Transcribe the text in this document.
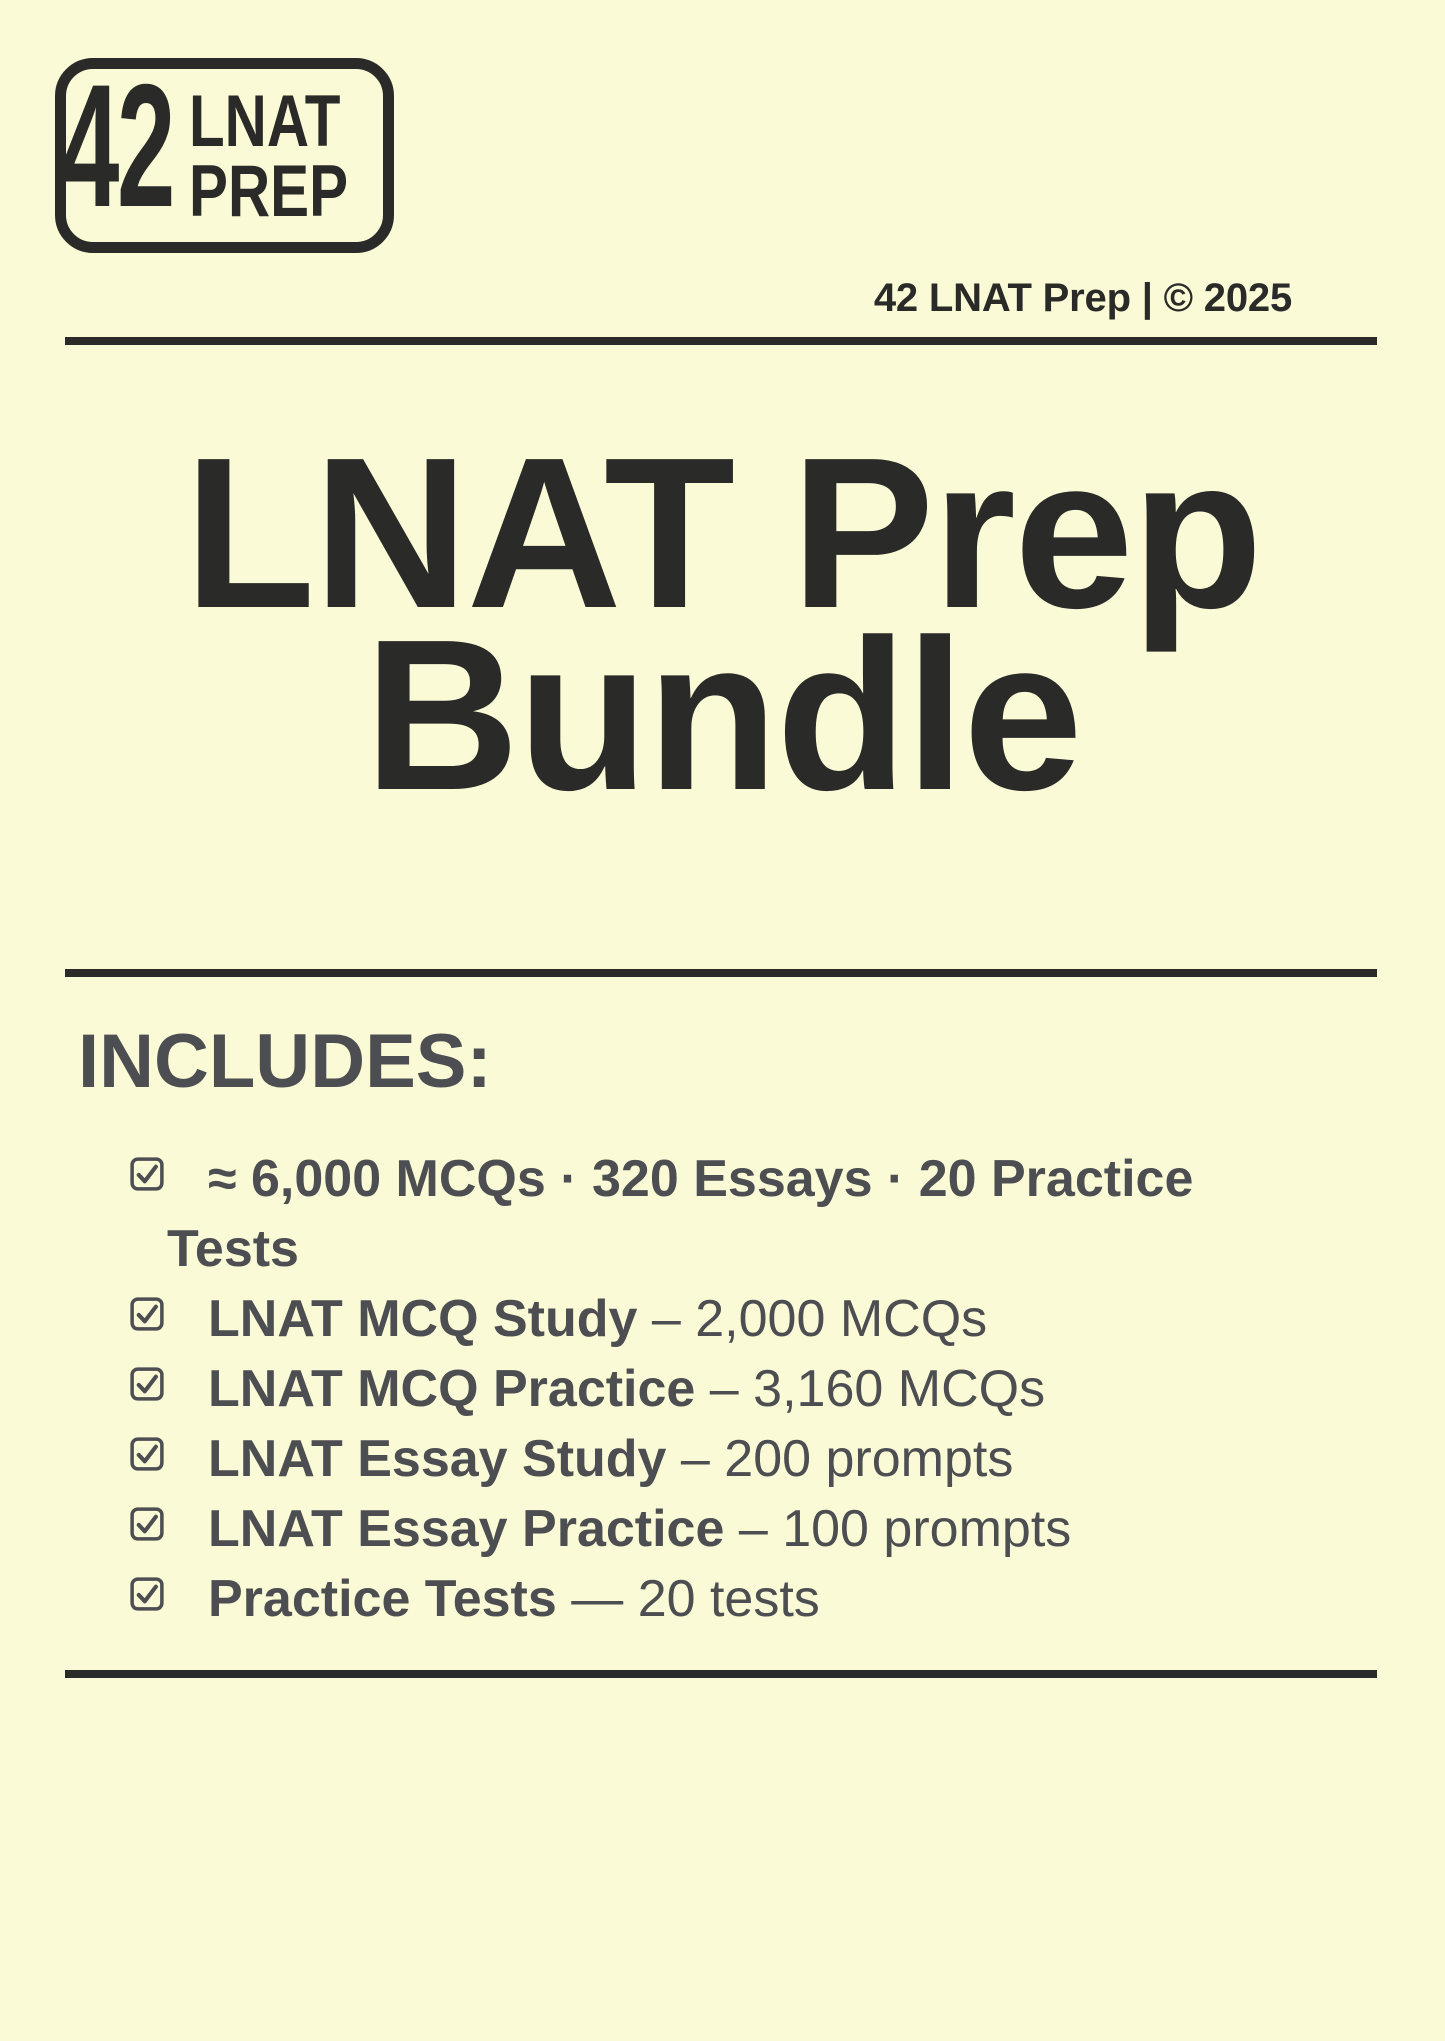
42 LNAT
PREP
42 LNAT Prep | © 2025
LNAT Prep
Bundle
INCLUDES:
≈ 6,000 MCQs · 320 Essays · 20 Practice Tests
LNAT MCQ Study – 2,000 MCQs
LNAT MCQ Practice – 3,160 MCQs
LNAT Essay Study – 200 prompts
LNAT Essay Practice – 100 prompts
Practice Tests — 20 tests
